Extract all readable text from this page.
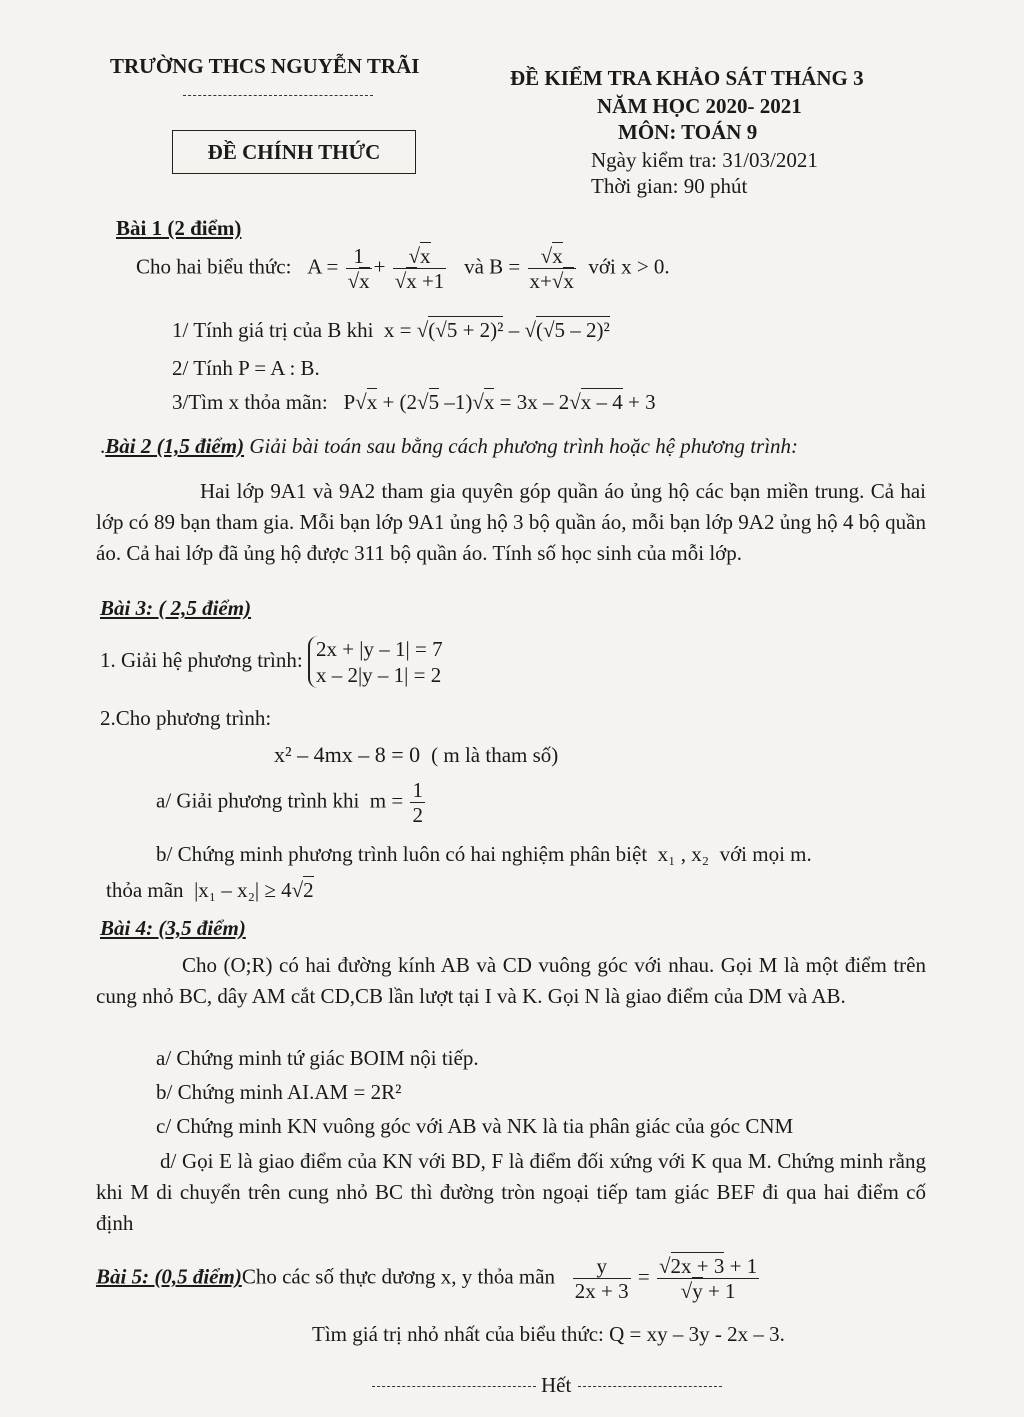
TRƯỜNG THCS NGUYỄN TRÃI
ĐỀ CHÍNH THỨC
ĐỀ KIỂM TRA KHẢO SÁT THÁNG 3
NĂM HỌC 2020- 2021
MÔN: TOÁN 9
Ngày kiểm tra: 31/03/2021
Thời gian: 90 phút
Bài 1 (2 điểm)
Cho hai biểu thức:   $A = \frac{1}{√x} + \frac{√x}{√x +1}$ và $B = \frac{√x}{x+√x}$ với x > 0.
1/ Tính giá trị của B khi  x = √(√5 + 2)² – √(√5 – 2)²
2/ Tính P = A : B.
3/Tìm x thỏa mãn:   P√x + (2√5 –1)√x = 3x – 2√x – 4 + 3
.Bài 2 (1,5 điểm) Giải bài toán sau bằng cách phương trình hoặc hệ phương trình:
Hai lớp 9A1 và 9A2 tham gia quyên góp quần áo ủng hộ các bạn miền trung. Cả hai lớp có 89 bạn tham gia. Mỗi bạn lớp 9A1 ủng hộ 3 bộ quần áo, mỗi bạn lớp 9A2 ủng hộ 4 bộ quần áo. Cả hai lớp đã ủng hộ được 311 bộ quần áo. Tính số học sinh của mỗi lớp.
Bài 3: ( 2,5 điểm)
1. Giải hệ phương trình: 2x + |y – 1| = 7
x – 2|y – 1| = 2
2.Cho phương trình:
x² – 4mx – 8 = 0  ( m là tham số)
a/ Giải phương trình khi  $m = \frac{1}{2}$
b/ Chứng minh phương trình luôn có hai nghiệm phân biệt  x₁ , x₂  với mọi m.
thỏa mãn  |x₁ – x₂| ≥ 4√2
Bài 4: (3,5 điểm)
Cho (O;R) có hai đường kính AB và CD vuông góc với nhau. Gọi M là một điểm trên cung nhỏ BC, dây AM cắt CD,CB lần lượt tại I và K. Gọi N là giao điểm của DM và AB.
a/ Chứng minh tứ giác BOIM nội tiếp.
b/ Chứng minh AI.AM = 2R²
c/ Chứng minh KN vuông góc với AB và NK là tia phân giác của góc CNM
d/ Gọi E là giao điểm của KN với BD, F là điểm đối xứng với K qua M. Chứng minh rằng khi M di chuyển trên cung nhỏ BC thì đường tròn ngoại tiếp tam giác BEF đi qua hai điểm cố định
Bài 5: (0,5 điểm)Cho các số thực dương x, y thỏa mãn $\frac{y}{2x + 3} = \frac{√2x + 3 + 1}{√y + 1}$
Tìm giá trị nhỏ nhất của biểu thức: Q = xy – 3y - 2x – 3.
Hết
